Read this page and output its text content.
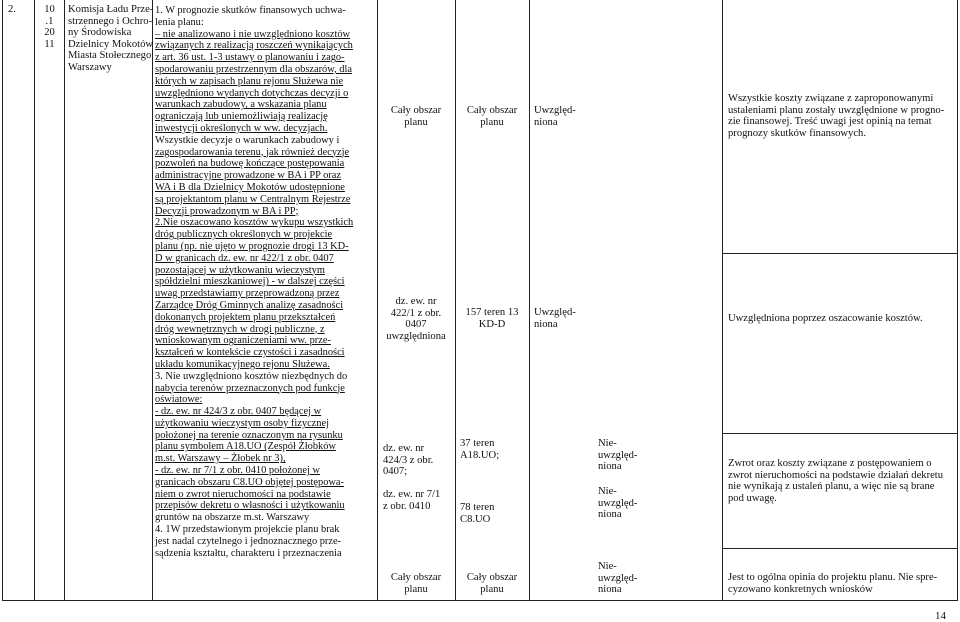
2.	10
.1
20
11
Komisja Ładu Prze-
strzennego i Ochro-
ny Środowiska
Dzielnicy Mokotów
Miasta Stołecznego
Warszawy
1. W prognozie skutków finansowych uchwa-
lenia planu:
– nie analizowano i nie uwzględniono kosztów
związanych z realizacją roszczeń wynikających
z art. 36 ust. 1-3 ustawy o planowaniu i zago-
spodarowaniu przestrzennym dla obszarów, dla
których w zapisach planu rejonu Służewa nie
uwzględniono wydanych dotychczas decyzji o
warunkach zabudowy, a wskazania planu
ograniczają lub uniemożliwiają realizację
inwestycji określonych w ww. decyzjach.
Wszystkie decyzje o warunkach zabudowy i
zagospodarowania terenu, jak również decyzje
pozwoleń na budowę kończące postępowania
administracyjne prowadzone w BA i PP oraz
WA i B dla Dzielnicy Mokotów udostępnione
są projektantom planu w Centralnym Rejestrze
Decyzji prowadzonym w BA i PP;
2.Nie oszacowano kosztów wykupu wszystkich
dróg publicznych określonych w projekcie
planu (np. nie ujęto w prognozie drogi 13 KD-
D w granicach dz. ew. nr 422/1 z obr. 0407
pozostającej w użytkowaniu wieczystym
spółdzielni mieszkaniowej) - w dalszej części
uwag przedstawiamy przeprowadzoną przez
Zarządcę Dróg Gminnych analizę zasadności
dokonanych projektem planu przekształceń
dróg wewnętrznych w drogi publiczne, z
wnioskowanym ograniczeniami ww. prze-
kształceń w kontekście czystości i zasadności
układu komunikacyjnego rejonu Służewa.
3. Nie uwzględniono kosztów niezbędnych do
nabycia terenów przeznaczonych pod funkcje
oświatowe:
- dz. ew. nr 424/3 z obr. 0407 będącej w
użytkowaniu wieczystym osoby fizycznej
położonej na terenie oznaczonym na rysunku
planu symbolem A18.UO (Zespół Żłobków
m.st. Warszawy – Żłobek nr 3),
- dz. ew. nr 7/1 z obr. 0410 położonej w
granicach obszaru C8.UO objętej postępowa-
niem o zwrot nieruchomości na podstawie
przepisów dekretu o własności i użytkowaniu
gruntów na obszarze m.st. Warszawy
4. 1W przedstawionym projekcie planu brak
jest nadal czytelnego i jednoznacznego prze-
sądzenia kształtu, charakteru i przeznaczenia
Cały obszar
planu
dz. ew. nr
422/1 z obr.
0407
uwzględniona
dz. ew. nr
424/3 z obr.
0407;
dz. ew. nr 7/1
z obr. 0410
Cały obszar
planu
Cały obszar
planu
157 teren 13
KD-D
37 teren
A18.UO;
78 teren
C8.UO
Cały obszar
planu
Uwzględ-
niona
Uwzględ-
niona
Nie-
uwzględ-
niona
Nie-
uwzględ-
niona
Nie-
uwzględ-
niona
Wszystkie koszty związane z zaproponowanymi
ustaleniami planu zostały uwzględnione w progno-
zie finansowej. Treść uwagi jest opinią na temat
prognozy skutków finansowych.
Uwzględniona poprzez oszacowanie kosztów.
Zwrot oraz koszty związane z postępowaniem o
zwrot nieruchomości na podstawie działań dekretu
nie wynikają z ustaleń planu, a więc nie są brane
pod uwagę.
Jest to ogólna opinia do projektu planu. Nie spre-
cyzowano konkretnych wniosków
14
